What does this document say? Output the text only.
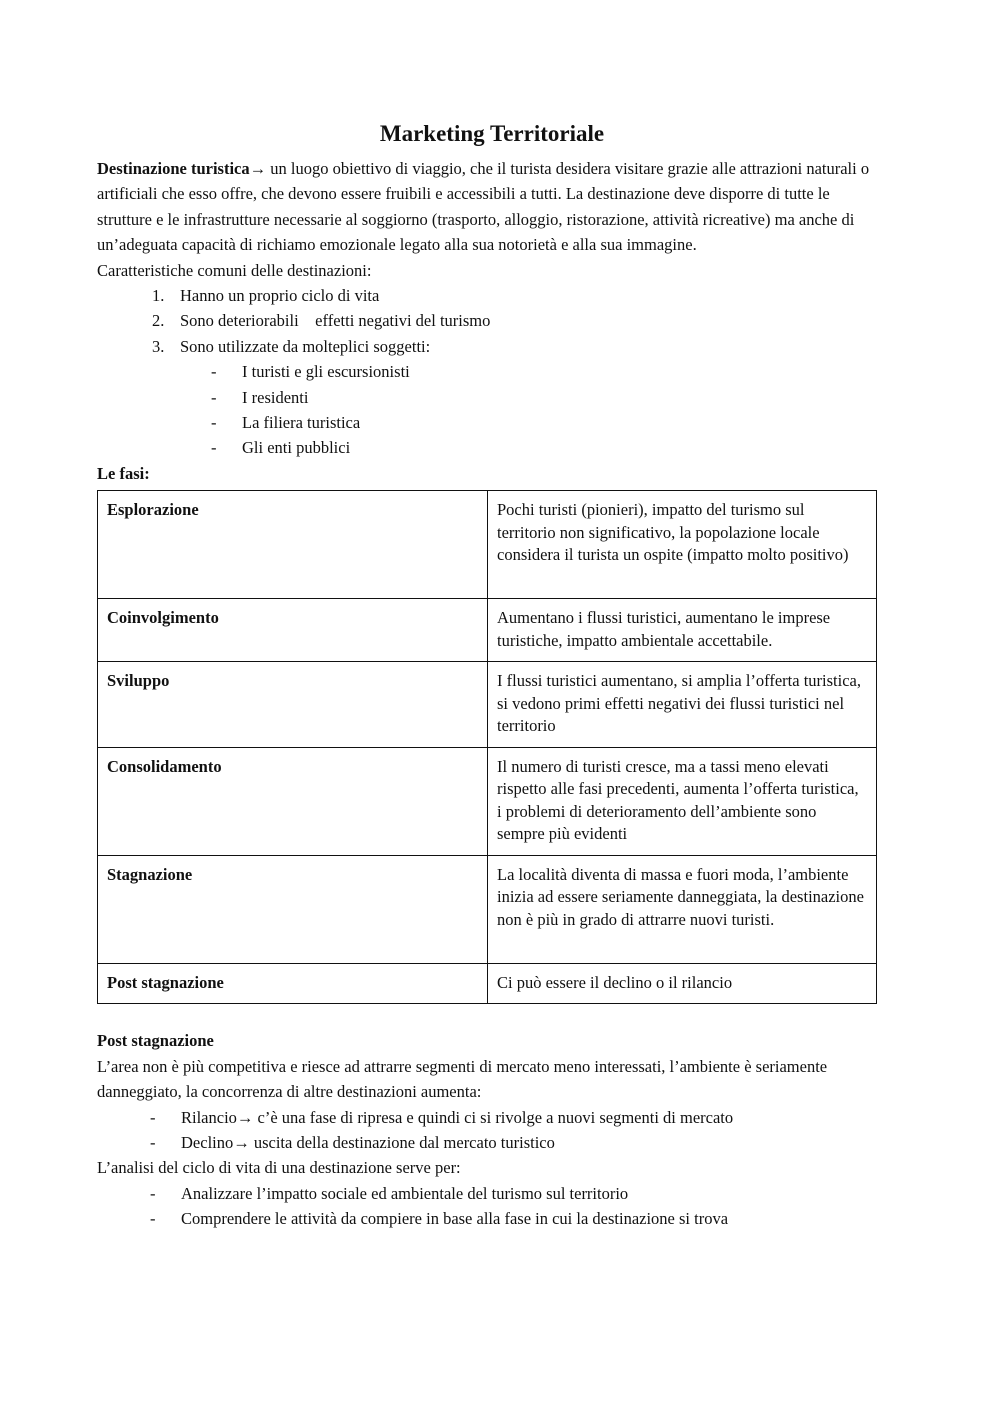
Marketing Territoriale

Destinazione turistica→ un luogo obiettivo di viaggio, che il turista desidera visitare grazie alle attrazioni naturali o artificiali che esso offre, che devono essere fruibili e accessibili a tutti. La destinazione deve disporre di tutte le strutture e le infrastrutture necessarie al soggiorno (trasporto, alloggio, ristorazione, attività ricreative) ma anche di un’adeguata capacità di richiamo emozionale legato alla sua notorietà e alla sua immagine.

Caratteristiche comuni delle destinazioni:

1. Hanno un proprio ciclo di vita
2. Sono deteriorabili    effetti negativi del turismo
3. Sono utilizzate da molteplici soggetti:
- I turisti e gli escursionisti
- I residenti
- La filiera turistica
- Gli enti pubblici

Le fasi:

Esplorazione	Pochi turisti (pionieri), impatto del turismo sul territorio non significativo, la popolazione locale considera il turista un ospite (impatto molto positivo)
Coinvolgimento	Aumentano i flussi turistici, aumentano le imprese turistiche, impatto ambientale accettabile.
Sviluppo	I flussi turistici aumentano, si amplia l’offerta turistica, si vedono primi effetti negativi dei flussi turistici nel territorio
Consolidamento	Il numero di turisti cresce, ma a tassi meno elevati rispetto alle fasi precedenti, aumenta l’offerta turistica, i problemi di deterioramento dell’ambiente sono sempre più evidenti
Stagnazione	La località diventa di massa e fuori moda, l’ambiente inizia ad essere seriamente danneggiata, la destinazione non è più in grado di attrarre nuovi turisti.
Post stagnazione	Ci può essere il declino o il rilancio

Post stagnazione

L’area non è più competitiva e riesce ad attrarre segmenti di mercato meno interessati, l’ambiente è seriamente danneggiato, la concorrenza di altre destinazioni aumenta:

- Rilancio→ c’è una fase di ripresa e quindi ci si rivolge a nuovi segmenti di mercato
- Declino→ uscita della destinazione dal mercato turistico

L’analisi del ciclo di vita di una destinazione serve per:

- Analizzare l’impatto sociale ed ambientale del turismo sul territorio
- Comprendere le attività da compiere in base alla fase in cui la destinazione si trova
